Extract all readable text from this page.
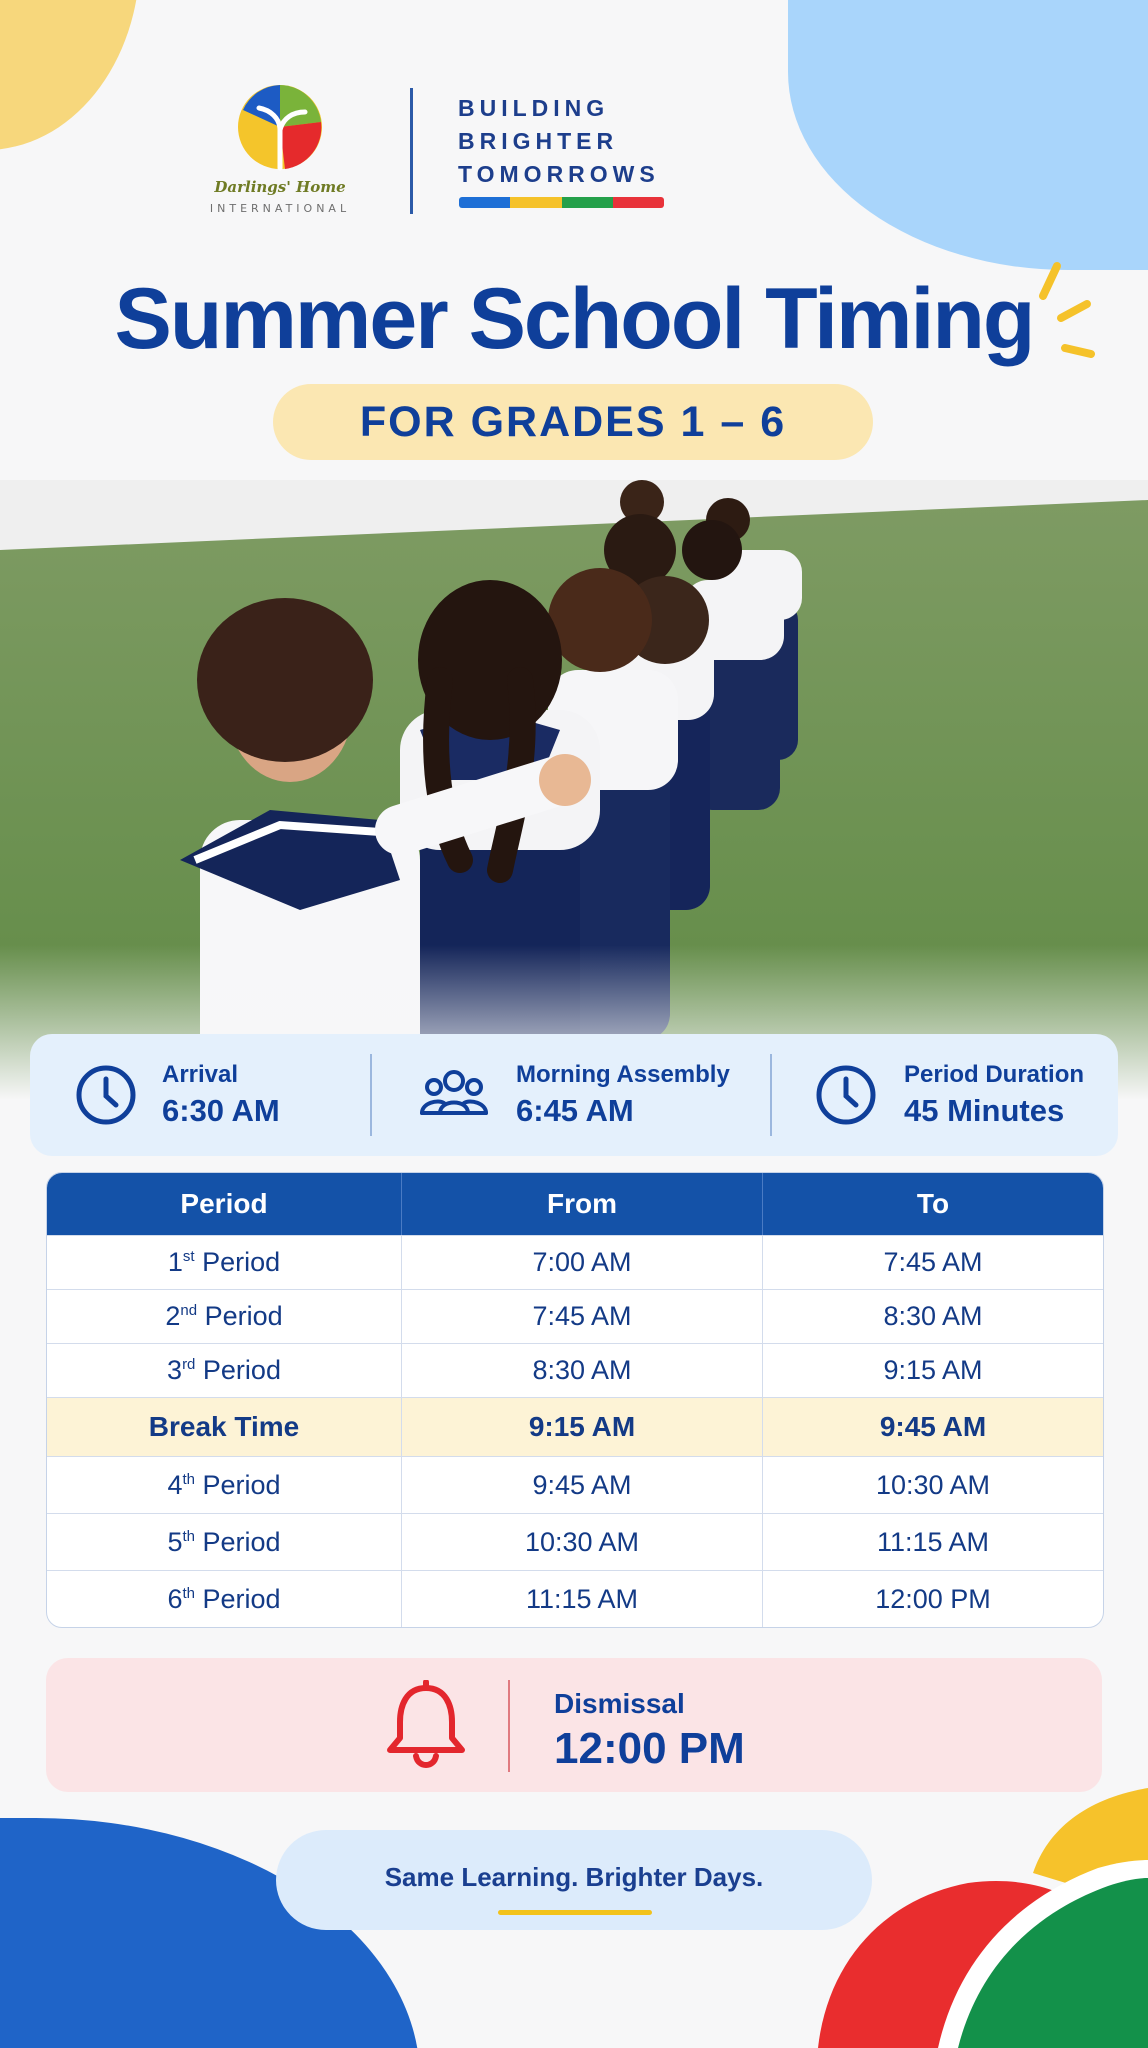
Darlings' Home
INTERNATIONAL
BUILDING
BRIGHTER
TOMORROWS
Summer School Timing
FOR GRADES 1 – 6
Arrival
6:30 AM
Morning Assembly
6:45 AM
Period Duration
45 Minutes
Period	From	To
1st Period	7:00 AM	7:45 AM
2nd Period	7:45 AM	8:30 AM
3rd Period	8:30 AM	9:15 AM
Break Time	9:15 AM	9:45 AM
4th Period	9:45 AM	10:30 AM
5th Period	10:30 AM	11:15 AM
6th Period	11:15 AM	12:00 PM
Dismissal
12:00 PM
Same Learning. Brighter Days.
